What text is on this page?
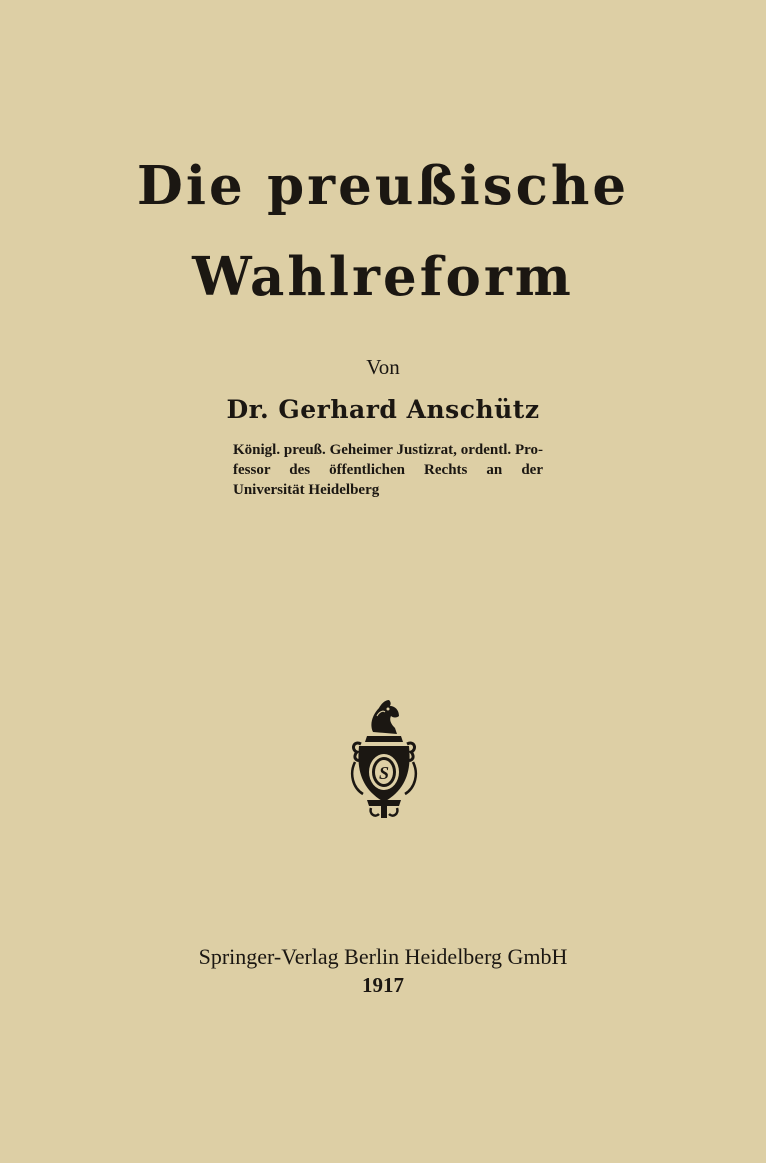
Die preußische
Wahlreform
Von
Dr. Gerhard Anschütz
Königl. preuß. Geheimer Justizrat, ordentl. Pro-
fessor des öffentlichen Rechts an der
Universität Heidelberg
S
Springer-Verlag Berlin Heidelberg GmbH
1917
